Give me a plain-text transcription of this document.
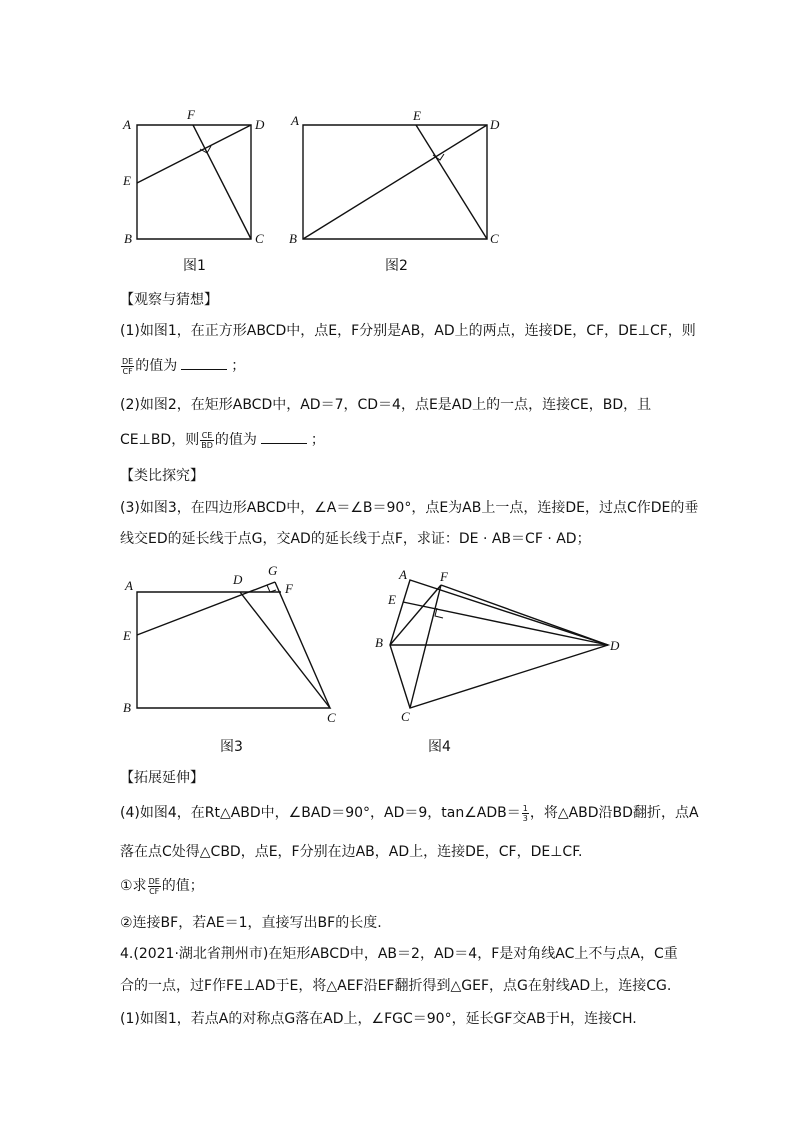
A
F
D
E
B	C
图1
A	E
D
B	C
图2
【观察与猜想】
(1)如图1，在正方形ABCD中，点E，F分别是AB，AD上的两点，连接DE，CF，DE⊥CF，则
$\frac{DE}{CF}$ 的值为	；
(2)如图2，在矩形ABCD中，AD＝7，CD＝4，点E是AD上的一点，连接CE，BD，且
CE⊥BD，则 $\frac{CE}{BD}$ 的值为	；
【类比探究】
(3)如图3，在四边形ABCD中，∠A＝∠B＝90°，点E为AB上一点，连接DE，过点C作DE的垂
线交ED的延长线于点G，交AD的延长线于点F，求证：DE · AB＝CF · AD；
A	D
G
F
E
B
C
图3
A	F
E
B	D
C
图4
【拓展延伸】
(4)如图4，在Rt△ABD中，∠BAD＝90°，AD＝9，tan∠ADB＝ $\frac{1}{3}$ ，将△ABD沿BD翻折，点A
落在点C处得△CBD，点E，F分别在边AB，AD上，连接DE，CF，DE⊥CF.
①求 $\frac{DE}{CF}$ 的值；
②连接BF，若AE＝1，直接写出BF的长度.
4.(2021·湖北省荆州市)在矩形ABCD中，AB＝2，AD＝4，F是对角线AC上不与点A，C重
合的一点，过F作FE⊥AD于E，将△AEF沿EF翻折得到△GEF，点G在射线AD上，连接CG.
(1)如图1，若点A的对称点G落在AD上，∠FGC＝90°，延长GF交AB于H，连接CH.
